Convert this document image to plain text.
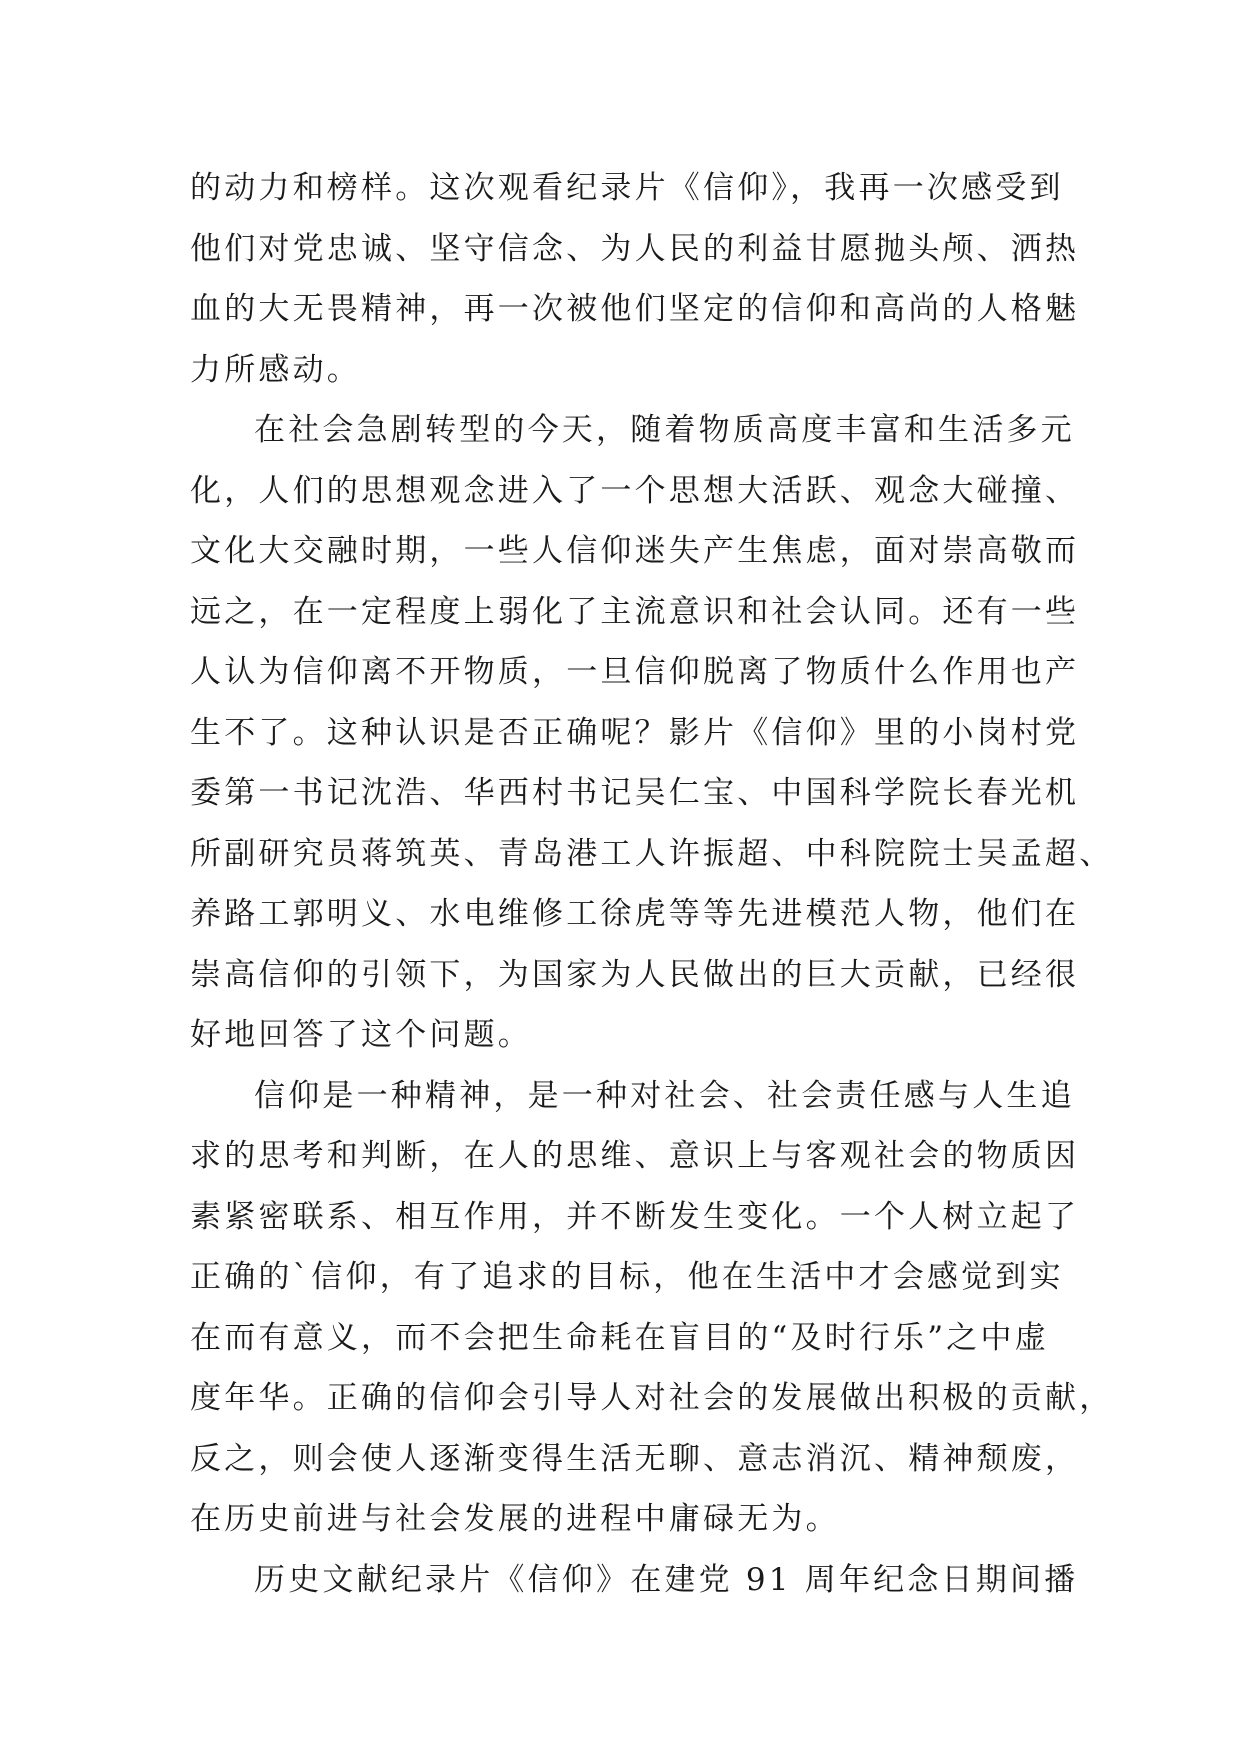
的动力和榜样。这次观看纪录片《信仰》，我再一次感受到
他们对党忠诚、坚守信念、为人民的利益甘愿抛头颅、洒热
血的大无畏精神，再一次被他们坚定的信仰和高尚的人格魅
力所感动。
在社会急剧转型的今天，随着物质高度丰富和生活多元
化，人们的思想观念进入了一个思想大活跃、观念大碰撞、
文化大交融时期，一些人信仰迷失产生焦虑，面对崇高敬而
远之，在一定程度上弱化了主流意识和社会认同。还有一些
人认为信仰离不开物质，一旦信仰脱离了物质什么作用也产
生不了。这种认识是否正确呢？影片《信仰》里的小岗村党
委第一书记沈浩、华西村书记吴仁宝、中国科学院长春光机
所副研究员蒋筑英、青岛港工人许振超、中科院院士吴孟超、
养路工郭明义、水电维修工徐虎等等先进模范人物，他们在
崇高信仰的引领下，为国家为人民做出的巨大贡献，已经很
好地回答了这个问题。
信仰是一种精神，是一种对社会、社会责任感与人生追
求的思考和判断，在人的思维、意识上与客观社会的物质因
素紧密联系、相互作用，并不断发生变化。一个人树立起了
正确的`信仰，有了追求的目标，他在生活中才会感觉到实
在而有意义，而不会把生命耗在盲目的“及时行乐”之中虚
度年华。正确的信仰会引导人对社会的发展做出积极的贡献，
反之，则会使人逐渐变得生活无聊、意志消沉、精神颓废，
在历史前进与社会发展的进程中庸碌无为。
历史文献纪录片《信仰》在建党 91 周年纪念日期间播
